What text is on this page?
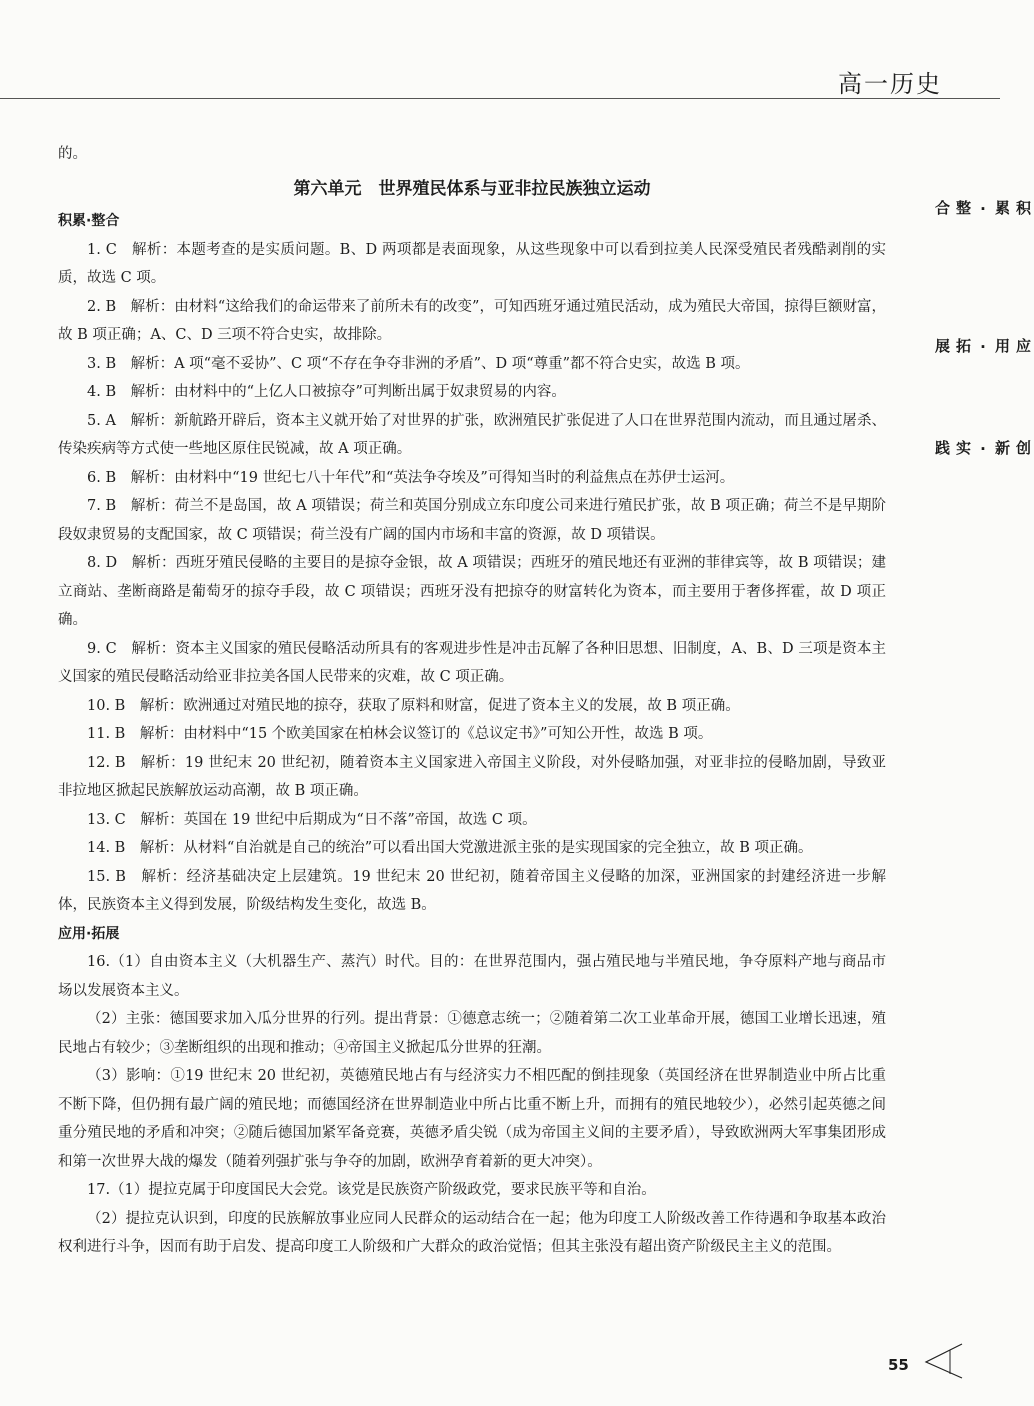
高一历史

的。

第六单元　世界殖民体系与亚非拉民族独立运动

积累·整合

1. C　解析：本题考查的是实质问题。B、D 两项都是表面现象，从这些现象中可以看到拉美人民深受殖民者残酷剥削的实质，故选 C 项。

2. B　解析：由材料“这给我们的命运带来了前所未有的改变”，可知西班牙通过殖民活动，成为殖民大帝国，掠得巨额财富，故 B 项正确；A、C、D 三项不符合史实，故排除。

3. B　解析：A 项“毫不妥协”、C 项“不存在争夺非洲的矛盾”、D 项“尊重”都不符合史实，故选 B 项。

4. B　解析：由材料中的“上亿人口被掠夺”可判断出属于奴隶贸易的内容。

5. A　解析：新航路开辟后，资本主义就开始了对世界的扩张，欧洲殖民扩张促进了人口在世界范围内流动，而且通过屠杀、传染疾病等方式使一些地区原住民锐减，故 A 项正确。

6. B　解析：由材料中“19 世纪七八十年代”和“英法争夺埃及”可得知当时的利益焦点在苏伊士运河。

7. B　解析：荷兰不是岛国，故 A 项错误；荷兰和英国分别成立东印度公司来进行殖民扩张，故 B 项正确；荷兰不是早期阶段奴隶贸易的支配国家，故 C 项错误；荷兰没有广阔的国内市场和丰富的资源，故 D 项错误。

8. D　解析：西班牙殖民侵略的主要目的是掠夺金银，故 A 项错误；西班牙的殖民地还有亚洲的菲律宾等，故 B 项错误；建立商站、垄断商路是葡萄牙的掠夺手段，故 C 项错误；西班牙没有把掠夺的财富转化为资本，而主要用于奢侈挥霍，故 D 项正确。

9. C　解析：资本主义国家的殖民侵略活动所具有的客观进步性是冲击瓦解了各种旧思想、旧制度，A、B、D 三项是资本主义国家的殖民侵略活动给亚非拉美各国人民带来的灾难，故 C 项正确。

10. B　解析：欧洲通过对殖民地的掠夺，获取了原料和财富，促进了资本主义的发展，故 B 项正确。

11. B　解析：由材料中“15 个欧美国家在柏林会议签订的《总议定书》”可知公开性，故选 B 项。

12. B　解析：19 世纪末 20 世纪初，随着资本主义国家进入帝国主义阶段，对外侵略加强，对亚非拉的侵略加剧，导致亚非拉地区掀起民族解放运动高潮，故 B 项正确。

13. C　解析：英国在 19 世纪中后期成为“日不落”帝国，故选 C 项。

14. B　解析：从材料“自治就是自己的统治”可以看出国大党激进派主张的是实现国家的完全独立，故 B 项正确。

15. B　解析：经济基础决定上层建筑。19 世纪末 20 世纪初，随着帝国主义侵略的加深，亚洲国家的封建经济进一步解体，民族资本主义得到发展，阶级结构发生变化，故选 B。

应用·拓展

16.（1）自由资本主义（大机器生产、蒸汽）时代。目的：在世界范围内，强占殖民地与半殖民地，争夺原料产地与商品市场以发展资本主义。

（2）主张：德国要求加入瓜分世界的行列。提出背景：①德意志统一；②随着第二次工业革命开展，德国工业增长迅速，殖民地占有较少；③垄断组织的出现和推动；④帝国主义掀起瓜分世界的狂潮。

（3）影响：①19 世纪末 20 世纪初，英德殖民地占有与经济实力不相匹配的倒挂现象（英国经济在世界制造业中所占比重不断下降，但仍拥有最广阔的殖民地；而德国经济在世界制造业中所占比重不断上升，而拥有的殖民地较少），必然引起英德之间重分殖民地的矛盾和冲突；②随后德国加紧军备竞赛，英德矛盾尖锐（成为帝国主义间的主要矛盾），导致欧洲两大军事集团形成和第一次世界大战的爆发（随着列强扩张与争夺的加剧，欧洲孕育着新的更大冲突）。

17.（1）提拉克属于印度国民大会党。该党是民族资产阶级政党，要求民族平等和自治。

（2）提拉克认识到，印度的民族解放事业应同人民群众的运动结合在一起；他为印度工人阶级改善工作待遇和争取基本政治权利进行斗争，因而有助于启发、提高印度工人阶级和广大群众的政治觉悟；但其主张没有超出资产阶级民主主义的范围。

积累·整合
应用·拓展
创新·实践
55
